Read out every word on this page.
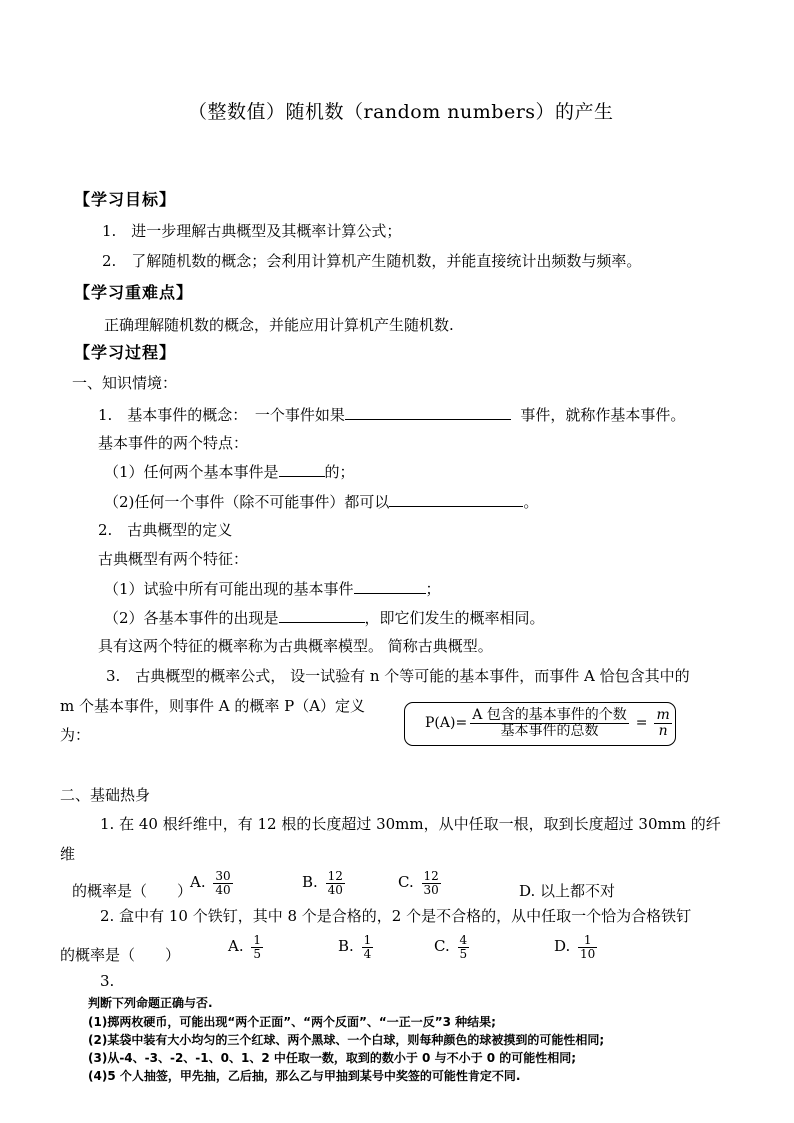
（整数值）随机数（random numbers）的产生
【学习目标】
1.　进一步理解古典概型及其概率计算公式；
2.　了解随机数的概念；会利用计算机产生随机数，并能直接统计出频数与频率。
【学习重难点】
正确理解随机数的概念，并能应用计算机产生随机数.
【学习过程】
一、知识情境：
1.　基本事件的概念：　一个事件如果	事件，就称作基本事件。
基本事件的两个特点：
（1）任何两个基本事件是	的；
（2)任何一个事件（除不可能事件）都可以	。
2.　古典概型的定义
古典概型有两个特征：
（1）试验中所有可能出现的基本事件	；
（2）各基本事件的出现是	，即它们发生的概率相同。
具有这两个特征的概率称为古典概率模型。 简称古典概型。
3.　古典概型的概率公式， 设一试验有 n 个等可能的基本事件，而事件 A 恰包含其中的
m 个基本事件，则事件 A 的概率 P（A）定义
为：
$P(A)= \frac{\text{A 包含的基本事件的个数}}{\text{基本事件的总数}} = \frac{m}{n}$
二、基础热身
1. 在 40 根纤维中，有 12 根的长度超过 30mm，从中任取一根，取到长度超过 30mm 的纤
维
的概率是（　　）
A. $\frac{30}{40}$	B. $\frac{12}{40}$	C. $\frac{12}{30}$	D. 以上都不对
2. 盒中有 10 个铁钉，其中 8 个是合格的，2 个是不合格的，从中任取一个恰为合格铁钉
的概率是（　　）	A. $\frac{1}{5}$	B. $\frac{1}{4}$	C. $\frac{4}{5}$	D. $\frac{1}{10}$
3.
判断下列命题正确与否.
(1)掷两枚硬币，可能出现“两个正面”、“两个反面”、“一正一反”3 种结果;
(2)某袋中装有大小均匀的三个红球、两个黑球、一个白球，则每种颜色的球被摸到的可能性相同;
(3)从-4、-3、-2、-1、0、1、2 中任取一数，取到的数小于 0 与不小于 0 的可能性相同;
(4)5 个人抽签，甲先抽，乙后抽，那么乙与甲抽到某号中奖签的可能性肯定不同.
